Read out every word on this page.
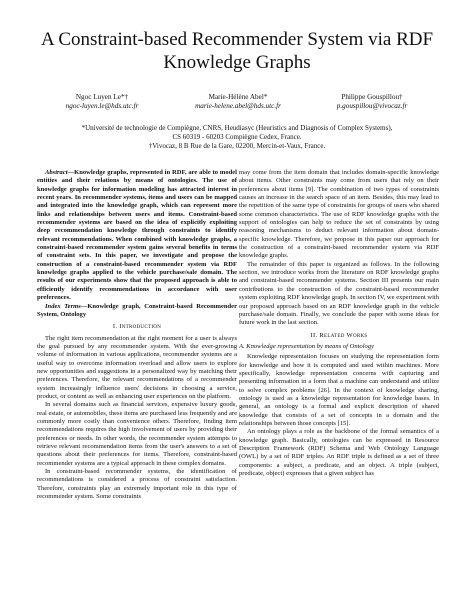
A Constraint-based Recommender System via RDF
Knowledge Graphs
Ngoc Luyen Le*†
ngoc-luyen.le@hds.utc.fr
Marie-Hélène Abel*
marie-helene.abel@hds.utc.fr
Philippe Gouspillou†
p.gouspillou@vivocaz.fr
*Université de technologie de Compiègne, CNRS, Heudiasyc (Heuristics and Diagnosis of Complex Systems),
CS 60319 - 60203 Compiègne Cedex, France.
†Vivocaz, 8 B Rue de la Gare, 02200, Mercin-et-Vaux, France.

Abstract—Knowledge graphs, represented in RDF, are able to model entities and their relations by means of ontologies. The use of knowledge graphs for information modeling has attracted interest in recent years. In recommender systems, items and users can be mapped and integrated into the knowledge graph, which can represent more links and relationships between users and items. Constraint-based recommender systems are based on the idea of explicitly exploiting deep recommendation knowledge through constraints to identify relevant recommendations. When combined with knowledge graphs, a constraint-based recommender system gains several benefits in terms of constraint sets. In this paper, we investigate and propose the construction of a constraint-based recommender system via RDF knowledge graphs applied to the vehicle purchase/sale domain. The results of our experiments show that the proposed approach is able to efficiently identify recommendations in accordance with user preferences.

Index Terms—Knowledge graph, Constraint-based Recommender System, Ontology

I. Introduction

The right item recommendation at the right moment for a user is always the goal pursued by any recommender system. With the ever-growing volume of information in various applications, recommender systems are a useful way to overcome information overload and allow users to explore new opportunities and suggestions in a personalized way by matching their preferences. Therefore, the relevant recommendations of a recommender system increasingly influence users' decisions in choosing a service, product, or content as well as enhancing user experiences on the platform.

In several domains such as financial services, expensive luxury goods, real estate, or automobiles, these items are purchased less frequently and are commonly more costly than convenience others. Therefore, finding item recommendations requires the high involvement of users by providing their preferences or needs. In other words, the recommender system attempts to retrieve relevant recommendation items from the user's answers to a set of questions about their preferences for items. Therefore, constraint-based recommender systems are a typical approach in these complex domains.

In constraint-based recommender systems, the identification of recommendations is considered a process of constraint satisfaction. Therefore, constraints play an extremely important role in this type of recommender system. Some constraints

may come from the item domain that includes domain-specific knowledge about items. Other constraints may come from users that rely on their preferences about items [9]. The combination of two types of constraints causes an increase in the search space of an item. Besides, this may lead to the repetition of the same type of constraints for groups of users who shared some common characteristics. The use of RDF knowledge graphs with the support of ontologies can help to reduce the set of constraints by using reasoning mechanisms to deduct relevant information about domain-specific knowledge. Therefore, we propose in this paper our approach for the construction of a constraint-based recommender system via RDF knowledge graphs.

The remainder of this paper is organized as follows. In the following section, we introduce works from the literature on RDF knowledge graphs and constraint-based recommender systems. Section III presents our main contributions to the construction of the constraint-based recommender system exploiting RDF knowledge graph. In section IV, we experiment with our proposed approach based on an RDF knowledge graph in the vehicle purchase/sale domain. Finally, we conclude the paper with some ideas for future work in the last section.

II. Related Works
A. Knowledge representation by means of Ontology

Knowledge representation focuses on studying the representation form for knowledge and how it is computed and used within machines. More specifically, knowledge representation concerns with capturing and presenting information in a form that a machine can understand and utilize to solve complex problems [26]. In the context of knowledge sharing, ontology is used as a knowledge representation for knowledge bases. In general, an ontology is a formal and explicit description of shared knowledge that consists of a set of concepts in a domain and the relationships between those concepts [15].

An ontology plays a role as the backbone of the formal semantics of a knowledge graph. Basically, ontologies can be expressed in Resource Description Framework (RDF) Schema and Web Ontology Language (OWL) by a set of RDF triples. An RDF triple is defined as a set of three components: a subject, a predicate, and an object. A triple (subject, predicate, object) expresses that a given subject has
